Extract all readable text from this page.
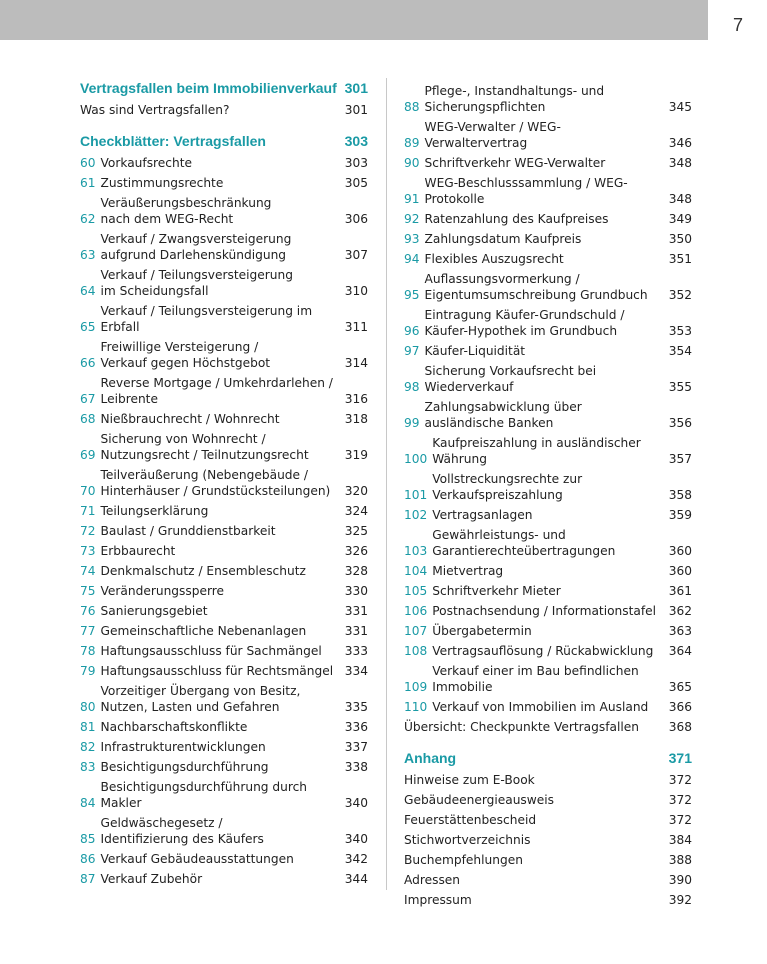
7
Vertragsfallen beim Immobilienverkauf 301
Was sind Vertragsfallen?	301
Checkblätter: Vertragsfallen	303
60 Vorkaufsrechte	303
61 Zustimmungsrechte	305
62
Veräußerungsbeschränkung
nach dem WEG-Recht	306
63
Verkauf / Zwangsversteigerung
aufgrund Darlehenskündigung	307
64
Verkauf / Teilungsversteigerung
im Scheidungsfall	310
65
Verkauf / Teilungsversteigerung im Erbfall	311
66
Freiwillige Versteigerung /
Verkauf gegen Höchstgebot	314
67
Reverse Mortgage / Umkehrdarlehen /
Leibrente	316
68 Nießbrauchrecht / Wohnrecht	318
69
Sicherung von Wohnrecht /
Nutzungsrecht / Teilnutzungsrecht	319
70
Teilveräußerung (Nebengebäude /
Hinterhäuser / Grundstücksteilungen)	320
71 Teilungserklärung	324
72 Baulast / Grunddienstbarkeit	325
73 Erbbaurecht	326
74 Denkmalschutz / Ensembleschutz	328
75 Veränderungssperre	330
76 Sanierungsgebiet	331
77 Gemeinschaftliche Nebenanlagen	331
78 Haftungsausschluss für Sachmängel	333
79 Haftungsausschluss für Rechtsmängel 334
80
Vorzeitiger Übergang von Besitz,
Nutzen, Lasten und Gefahren	335
81 Nachbarschaftskonflikte	336
82 Infrastrukturentwicklungen	337
83 Besichtigungsdurchführung	338
84
Besichtigungsdurchführung durch Makler	340
85
Geldwäschegesetz /
Identifizierung des Käufers	340
86 Verkauf Gebäudeausstattungen	342
87 Verkauf Zubehör	344
88
Pflege-, Instandhaltungs- und
Sicherungspflichten	345
89
WEG-Verwalter / WEG-Verwaltervertrag	346
90 Schriftverkehr WEG-Verwalter	348
91
WEG-Beschlusssammlung / WEG-Protokolle	348
92 Ratenzahlung des Kaufpreises	349
93 Zahlungsdatum Kaufpreis	350
94 Flexibles Auszugsrecht	351
95
Auflassungsvormerkung /
Eigentumsumschreibung Grundbuch	352
96
Eintragung Käufer-Grundschuld /
Käufer-Hypothek im Grundbuch	353
97 Käufer-Liquidität	354
98
Sicherung Vorkaufsrecht bei
Wiederverkauf	355
99
Zahlungsabwicklung über
ausländische Banken	356
100
Kaufpreiszahlung in ausländischer
Währung	357
101
Vollstreckungsrechte zur
Verkaufspreiszahlung	358
102 Vertragsanlagen	359
103
Gewährleistungs- und
Garantierechteübertragungen	360
104 Mietvertrag	360
105 Schriftverkehr Mieter	361
106 Postnachsendung / Informationstafel	362
107 Übergabetermin	363
108 Vertragsauflösung / Rückabwicklung	364
109
Verkauf einer im Bau befindlichen
Immobilie	365
110 Verkauf von Immobilien im Ausland	366
Übersicht: Checkpunkte Vertragsfallen	368
Anhang	371
Hinweise zum E-Book	372
Gebäudeenergieausweis	372
Feuerstättenbescheid	372
Stichwortverzeichnis	384
Buchempfehlungen	388
Adressen	390
Impressum	392
